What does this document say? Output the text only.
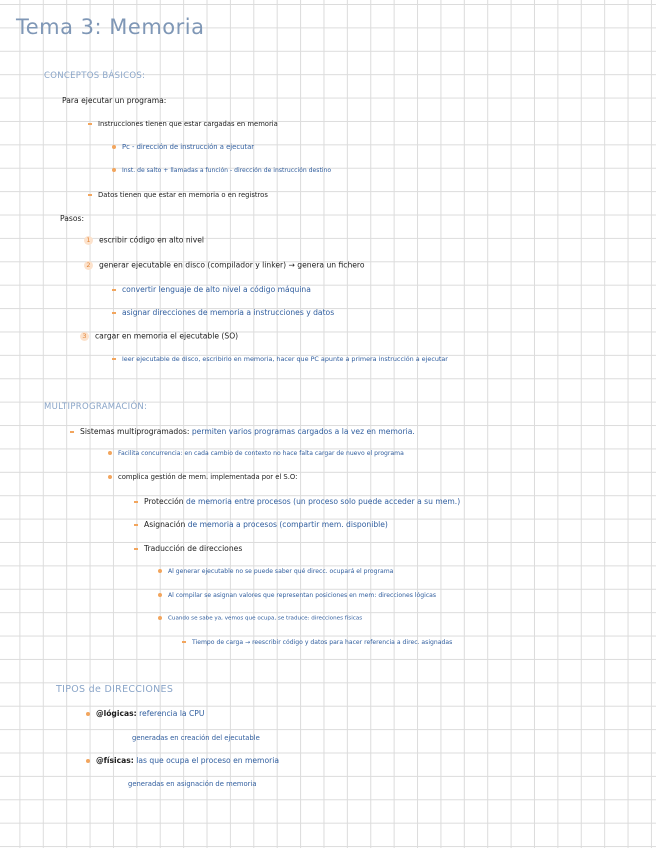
Tema 3: Memoria
CONCEPTOS BÁSICOS:
Para ejecutar un programa:
Instrucciones tienen que estar cargadas en memoria
Pc - dirección de instrucción a ejecutar
Inst. de salto + llamadas a función - dirección de instrucción destino
Datos tienen que estar en memoria o en registros
Pasos:
1 escribir código en alto nivel
2 generar ejecutable en disco (compilador y linker) → genera un fichero
convertir lenguaje de alto nivel a código máquina
asignar direcciones de memoria a instrucciones y datos
3 cargar en memoria el ejecutable (SO)
leer ejecutable de disco, escribirlo en memoria, hacer que PC apunte a primera instrucción a ejecutar
MULTIPROGRAMACIÓN:
Sistemas multiprogramados: permiten varios programas cargados a la vez en memoria.
Facilita concurrencia: en cada cambio de contexto no hace falta cargar de nuevo el programa
complica gestión de mem. implementada por el S.O:
Protección de memoria entre procesos (un proceso solo puede acceder a su mem.)
Asignación de memoria a procesos (compartir mem. disponible)
Traducción de direcciones
Al generar ejecutable no se puede saber qué direcc. ocupará el programa
Al compilar se asignan valores que representan posiciones en mem: direcciones lógicas
Cuando se sabe ya, vemos que ocupa, se traduce: direcciones físicas
Tiempo de carga → reescribir código y datos para hacer referencia a direc. asignadas
TIPOS de DIRECCIONES
@lógicas: referencia la CPU
generadas en creación del ejecutable
@físicas: las que ocupa el proceso en memoria
generadas en asignación de memoria
